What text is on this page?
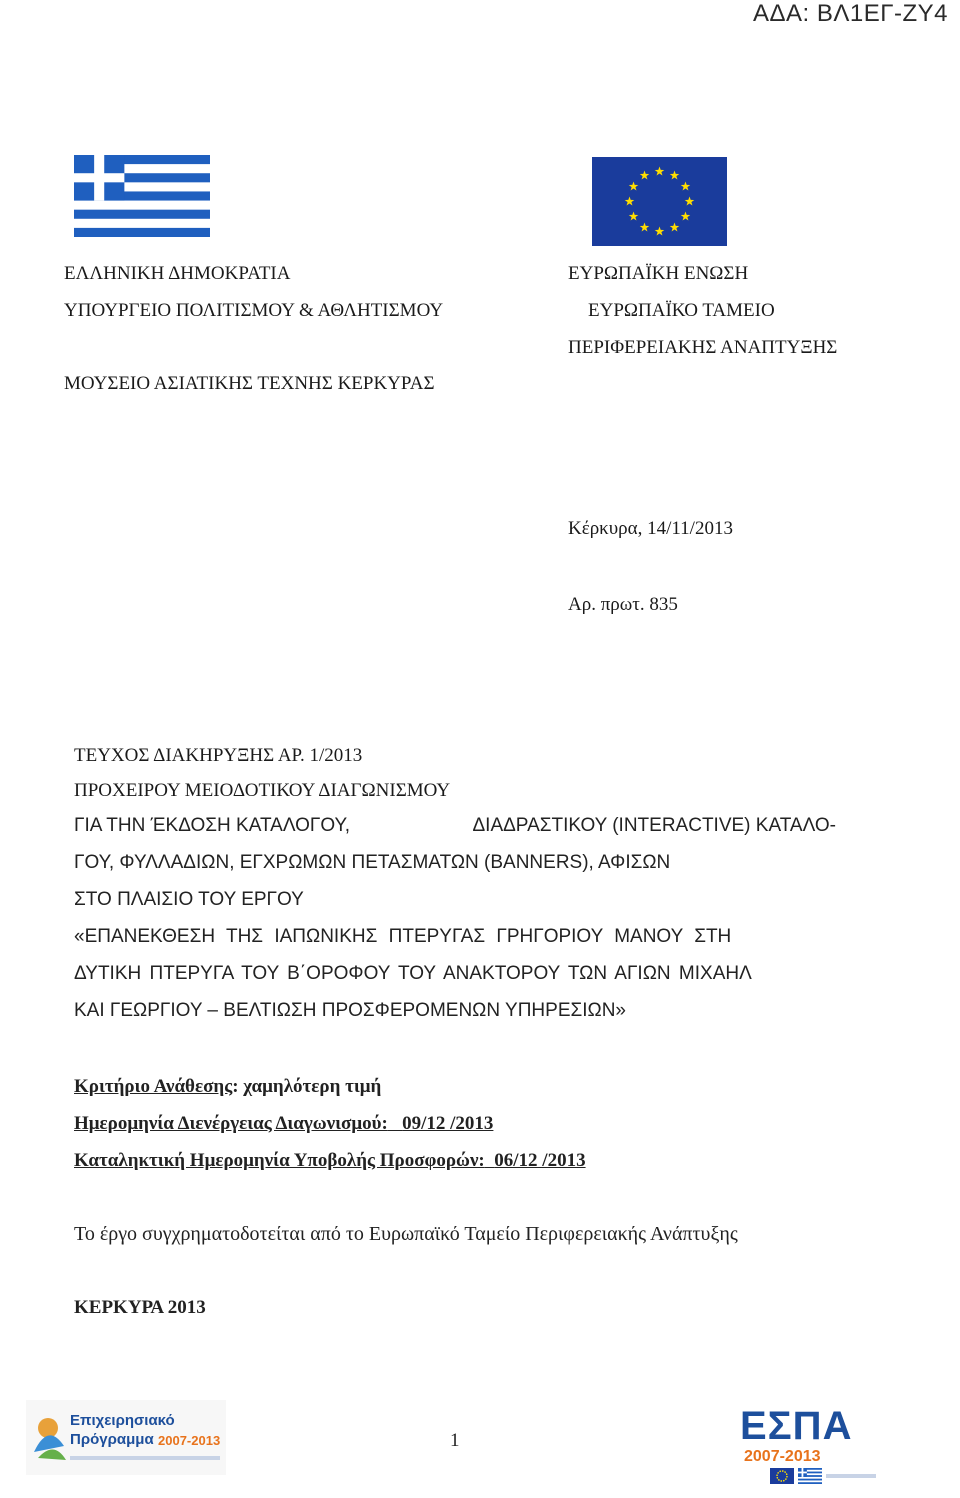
ΑΔΑ: ΒΛ1ΕΓ-ΖΥ4
ΕΛΛΗΝΙΚΗ ΔΗΜΟΚΡΑΤΙΑ
ΥΠΟΥΡΓΕΙΟ ΠΟΛΙΤΙΣΜΟΥ & ΑΘΛΗΤΙΣΜΟΥ
ΜΟΥΣΕΙΟ ΑΣΙΑΤΙΚΗΣ ΤΕΧΝΗΣ ΚΕΡΚΥΡΑΣ
ΕΥΡΩΠΑΪΚΗ ΕΝΩΣΗ
ΕΥΡΩΠΑΪΚΟ ΤΑΜΕΙΟ
ΠΕΡΙΦΕΡΕΙΑΚΗΣ ΑΝΑΠΤΥΞΗΣ
Κέρκυρα, 14/11/2013
Αρ. πρωτ. 835
ΤΕΥΧΟΣ ΔΙΑΚΗΡΥΞΗΣ ΑΡ. 1/2013
ΠΡΟΧΕΙΡΟΥ ΜΕΙΟΔΟΤΙΚΟΥ ΔΙΑΓΩΝΙΣΜΟΥ
ΓΙΑ ΤΗΝ ΈΚΔΟΣΗ ΚΑΤΑΛΟΓΟΥ,	ΔΙΑΔΡΑΣΤΙΚΟΥ (INTERACTIVE) ΚΑΤΑΛΟ-
ΓΟΥ, ΦΥΛΛΑΔΙΩΝ, ΕΓΧΡΩΜΩΝ ΠΕΤΑΣΜΑΤΩΝ (BANNERS), ΑΦΙΣΩΝ
ΣΤΟ ΠΛΑΙΣΙΟ ΤΟΥ ΕΡΓΟΥ
«ΕΠΑΝΕΚΘΕΣΗ ΤΗΣ ΙΑΠΩΝΙΚΗΣ ΠΤΕΡΥΓΑΣ ΓΡΗΓΟΡΙΟΥ ΜΑΝΟΥ ΣΤΗ
ΔΥΤΙΚΗ ΠΤΕΡΥΓΑ ΤΟΥ Β΄ΟΡΟΦΟΥ ΤΟΥ ΑΝΑΚΤΟΡΟΥ ΤΩΝ ΑΓΙΩΝ ΜΙΧΑΗΛ
ΚΑΙ ΓΕΩΡΓΙΟΥ – ΒΕΛΤΙΩΣΗ ΠΡΟΣΦΕΡΟΜΕΝΩΝ ΥΠΗΡΕΣΙΩΝ»
Κριτήριο Ανάθεσης: χαμηλότερη τιμή
Ημερομηνία Διενέργειας Διαγωνισμού: 09/12 /2013
Καταληκτική Ημερομηνία Υποβολής Προσφορών: 06/12 /2013
Το έργο συγχρηματοδοτείται από το Ευρωπαϊκό Ταμείο Περιφερειακής Ανάπτυξης
ΚΕΡΚΥΡΑ 2013
Επιχειρησιακό
Πρόγραμμα 2007-2013	1	ΕΣΠΑ
2007-2013
